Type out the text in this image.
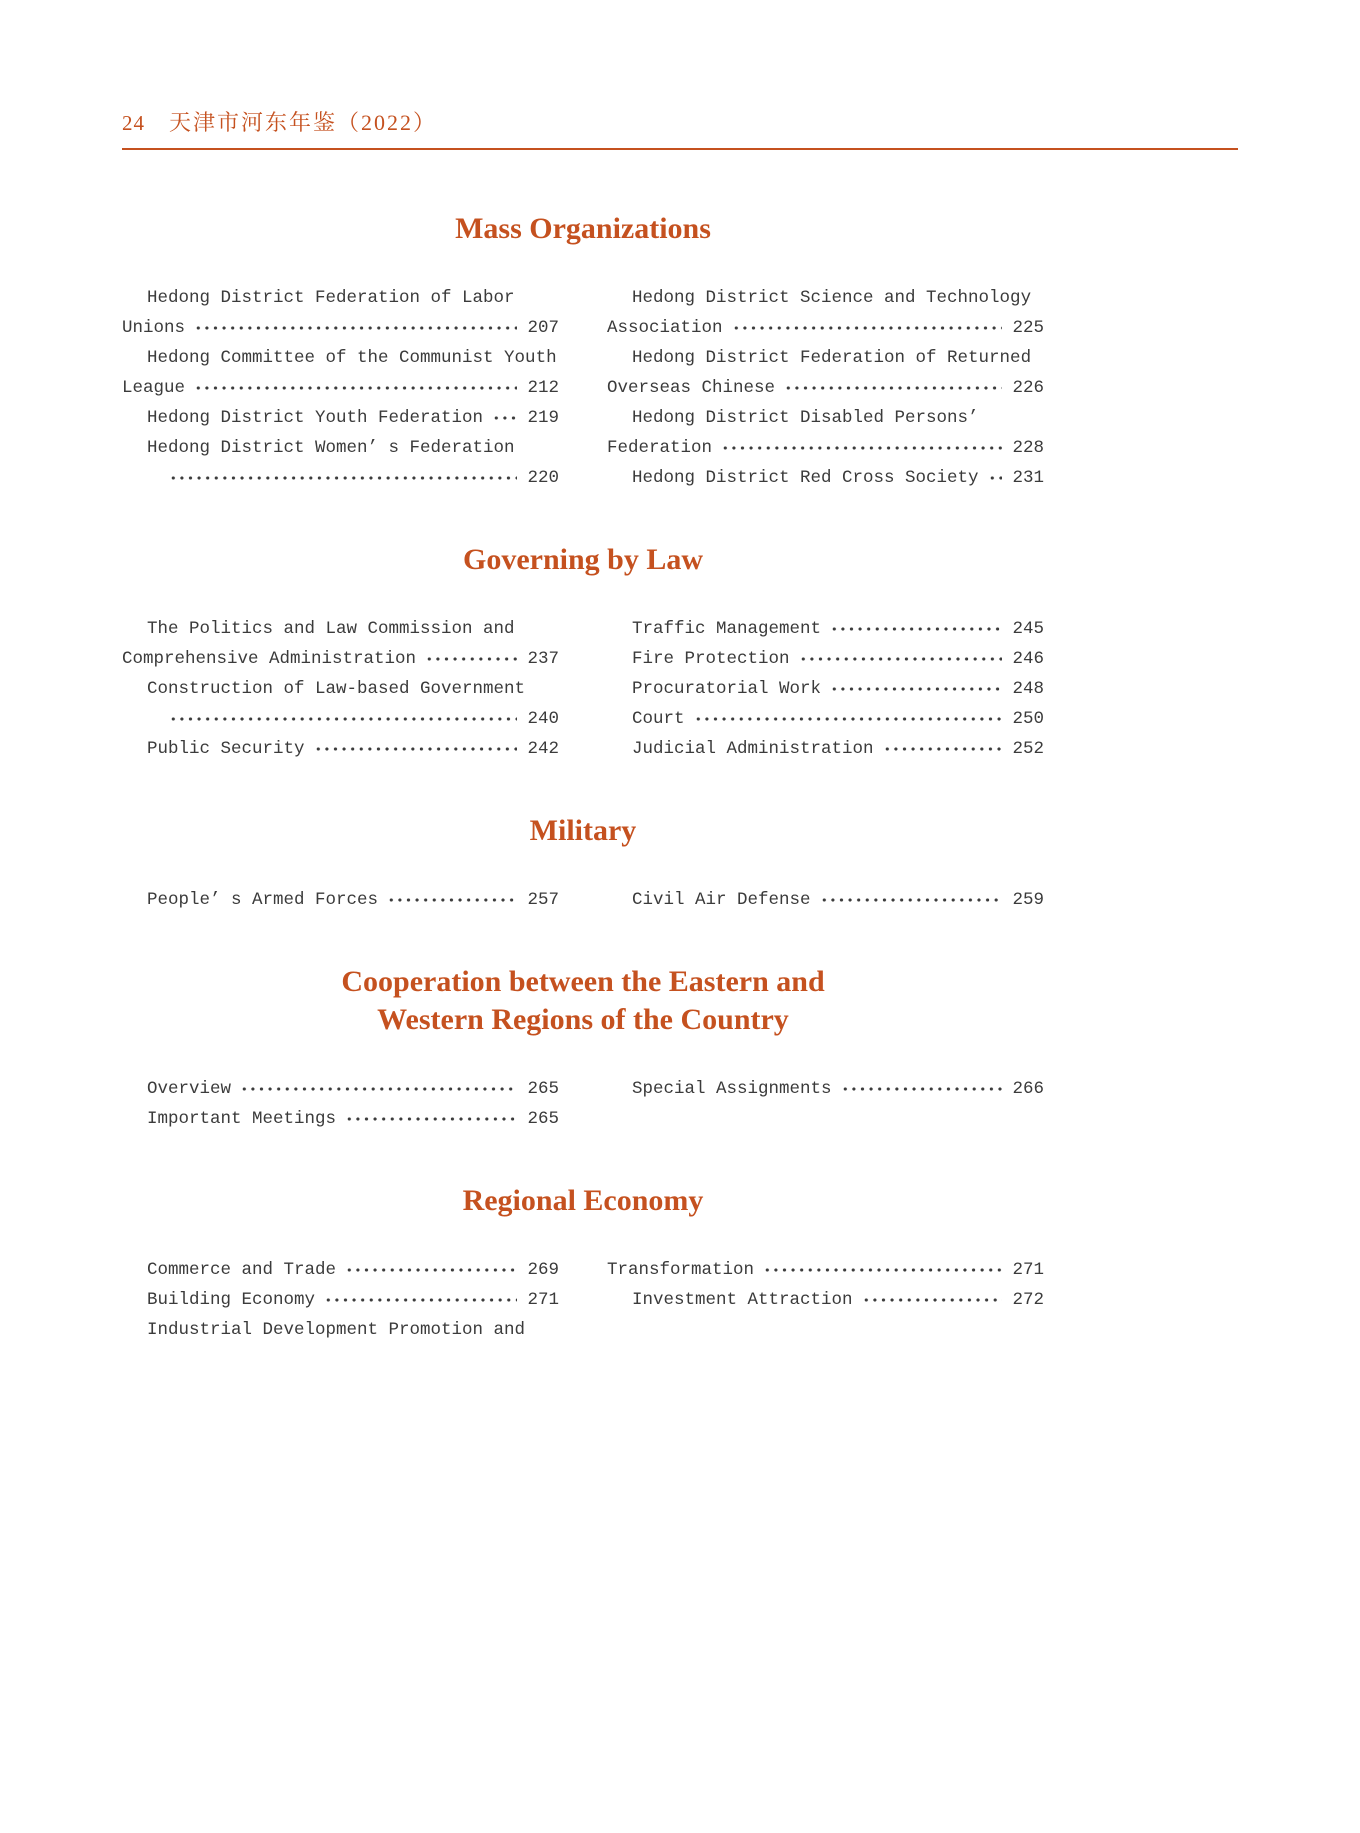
24 天津市河东年鉴（2022）
Mass Organizations
Hedong District Federation of Labor
Unions	207
Hedong Committee of the Communist Youth
League	212
Hedong District Youth Federation	219
Hedong District Women’ s Federation
220
Hedong District Science and Technology
Association	225
Hedong District Federation of Returned
Overseas Chinese	226
Hedong District Disabled Persons’
Federation	228
Hedong District Red Cross Society 231
Governing by Law
The Politics and Law Commission and
Comprehensive Administration	237
Construction of Law-based Government
240
Public Security	242
Traffic Management	245
Fire Protection	246
Procuratorial Work	248
Court	250
Judicial Administration	252
Military
People’ s Armed Forces	257	Civil Air Defense	259
Cooperation between the Eastern and
Western Regions of the Country
Overview	265
Important Meetings	265
Special Assignments	266
Regional Economy
Commerce and Trade	269
Building Economy	271
Industrial Development Promotion and
Transformation	271
Investment Attraction	272
